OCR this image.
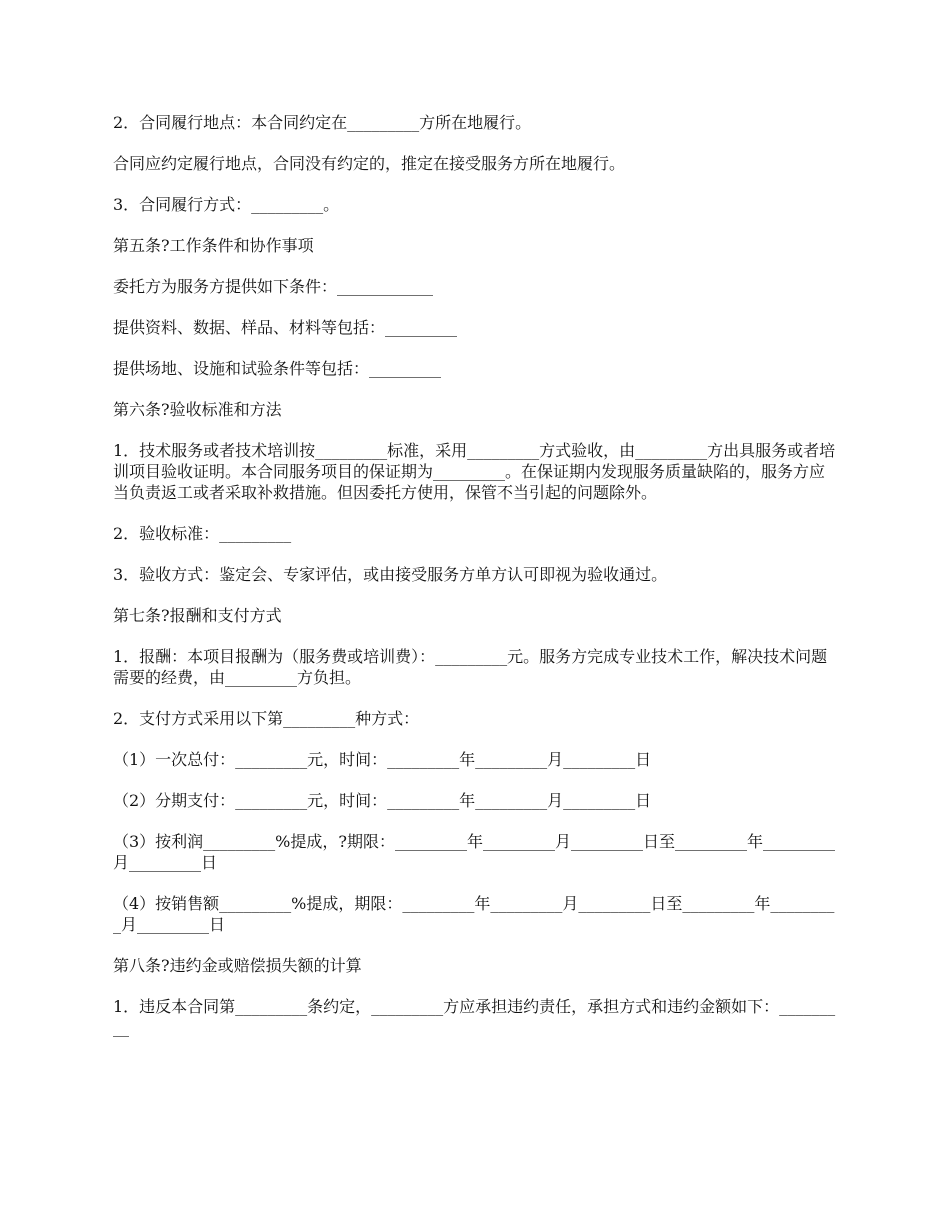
2．合同履行地点：本合同约定在_________方所在地履行。

合同应约定履行地点，合同没有约定的，推定在接受服务方所在地履行。

3．合同履行方式：_________。

第五条?工作条件和协作事项

委托方为服务方提供如下条件：____________

提供资料、数据、样品、材料等包括：_________

提供场地、设施和试验条件等包括：_________

第六条?验收标准和方法

1．技术服务或者技术培训按_________标准，采用_________方式验收，由_________方出具服务或者培训项目验收证明。本合同服务项目的保证期为_________。在保证期内发现服务质量缺陷的，服务方应当负责返工或者采取补救措施。但因委托方使用，保管不当引起的问题除外。

2．验收标准：_________

3．验收方式：鉴定会、专家评估，或由接受服务方单方认可即视为验收通过。

第七条?报酬和支付方式

1．报酬：本项目报酬为（服务费或培训费）：_________元。服务方完成专业技术工作，解决技术问题需要的经费，由_________方负担。

2．支付方式采用以下第_________种方式：

（1）一次总付：_________元，时间：_________年_________月_________日

（2）分期支付：_________元，时间：_________年_________月_________日

（3）按利润_________%提成，?期限：_________年_________月_________日至_________年_________月_________日

（4）按销售额_________%提成，期限：_________年_________月_________日至_________年_________月_________日

第八条?违约金或赔偿损失额的计算

1．违反本合同第_________条约定，_________方应承担违约责任，承担方式和违约金额如下：_________
